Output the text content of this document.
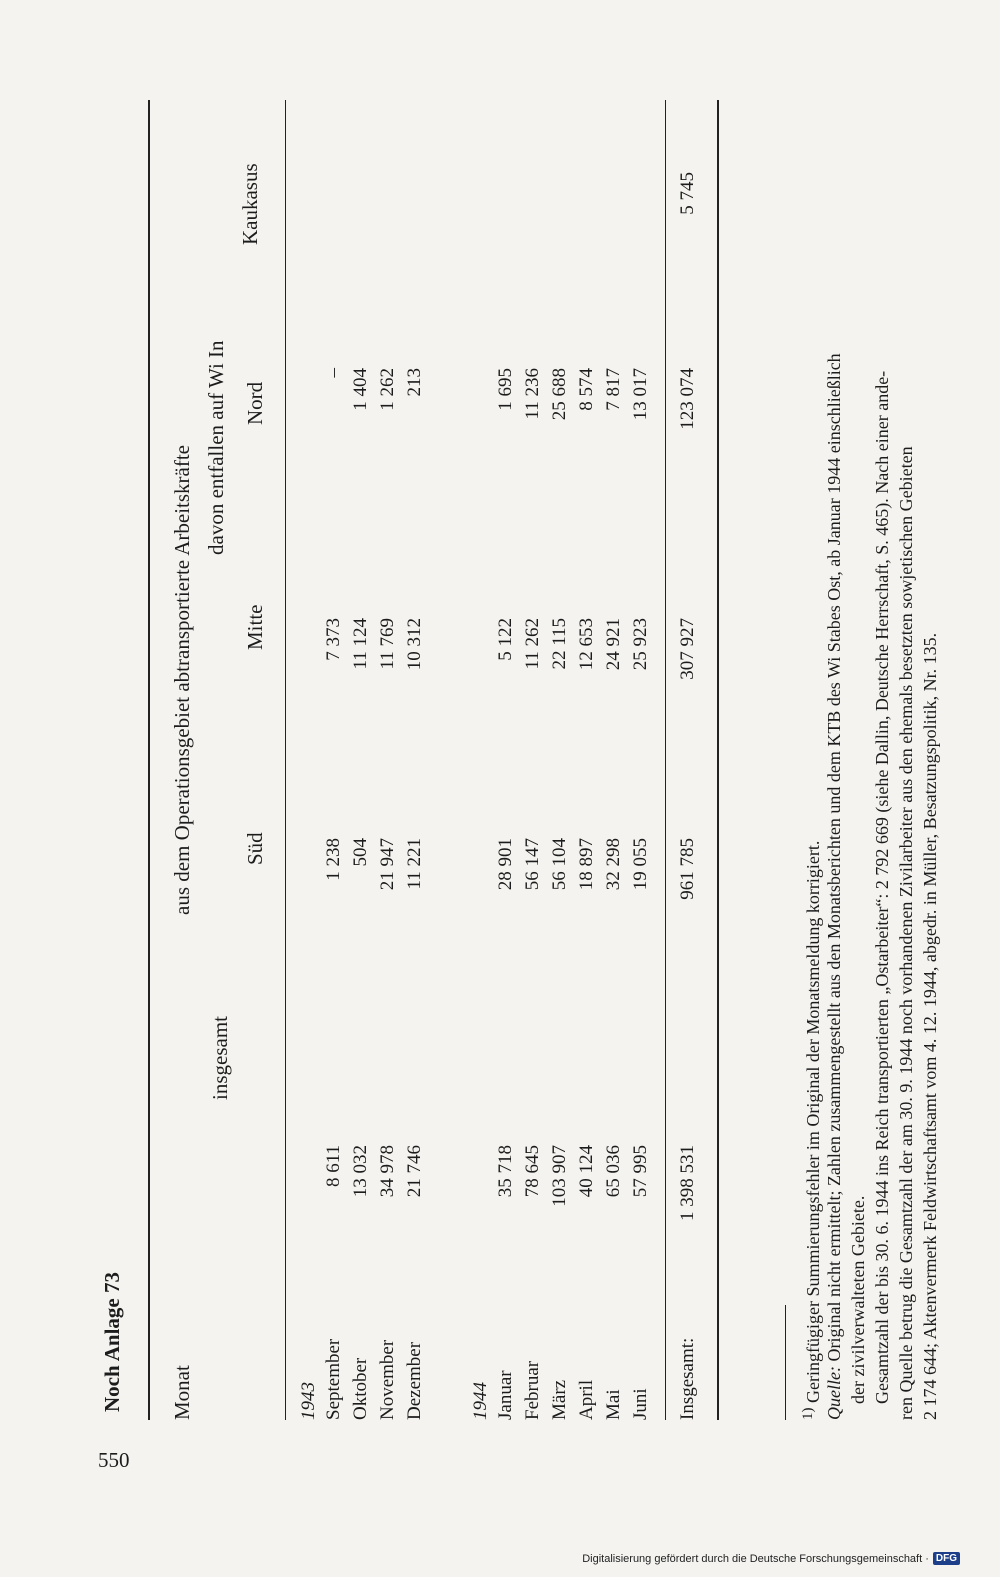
550
Noch Anlage 73 Monat
insgesamt
aus dem Operationsgebiet abtransportierte Arbeitskräfte davon entfallen auf Wi In
Süd
Mitte
Nord
Kaukasus
1943 September
8 611
1 238
7 373
–
Oktober
13 032
504
11 124
1 404
November
34 978
21 947
11 769
1 262
Dezember
21 746
11 221
10 312
213
1944 Januar
35 718
28 901
5 122
1 695
Februar
78 645
56 147
11 262
11 236
März
103 907
56 104
22 115
25 688
April
40 124
18 897
12 653
8 574
Mai
65 036
32 298
24 921
7 817
Juni
57 995
19 055
25 923
13 017
Insgesamt:
1 398 531
961 785
307 927
123 074
5 745
$^{1)}$ Geringfügiger Summierungsfehler im Original der Monatsmeldung korrigiert. Quelle: Original nicht ermittelt; Zahlen zusammengestellt aus den Monatsberichten und dem KTB des Wi Stabes Ost, ab Januar 1944 einschließlich der zivilverwalteten Gebiete. Gesamtzahl der bis 30. 6. 1944 ins Reich transportierten „Ostarbeiter“: 2 792 669 (siehe Dallin, Deutsche Herrschaft, S. 465). Nach einer ande- ren Quelle betrug die Gesamtzahl der am 30. 9. 1944 noch vorhandenen Zivilarbeiter aus den ehemals besetzten sowjetischen Gebieten 2 174 644; Aktenvermerk Feldwirtschaftsamt vom 4. 12. 1944, abgedr. in Müller, Besatzungspolitik, Nr. 135.
Digitalisierung gefördert durch die Deutsche Forschungsgemeinschaft · DFG
